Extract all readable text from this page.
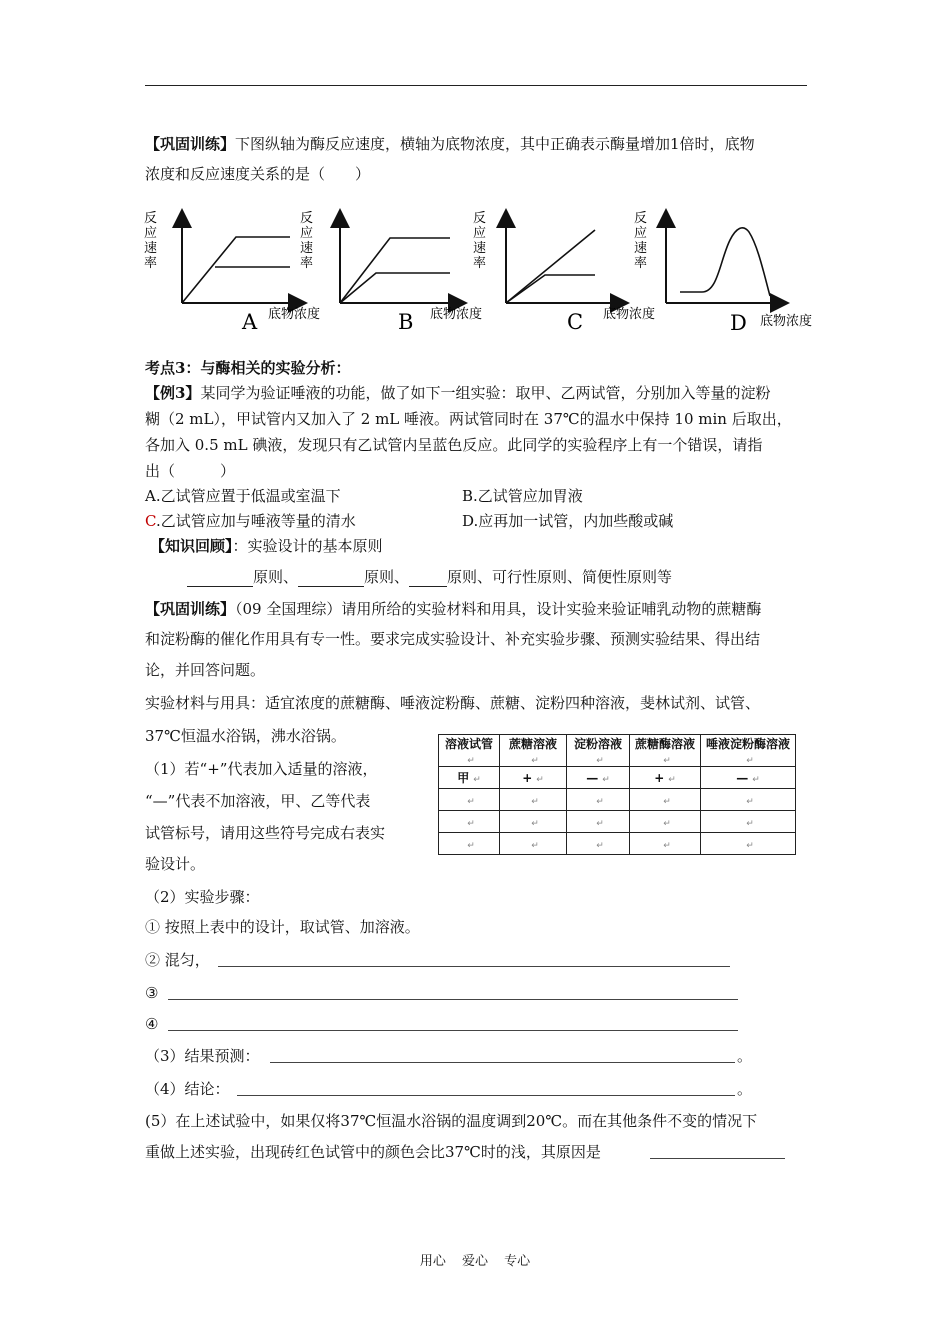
【巩固训练】下图纵轴为酶反应速度，横轴为底物浓度，其中正确表示酶量增加1倍时，底物
浓度和反应速度关系的是（　　）
反
应
速
率
A 底物浓度
反
应
速
率
B 底物浓度
反
应
速
率
C 底物浓度
反
应
速
率
D 底物浓度
考点3：与酶相关的实验分析：
【例3】某同学为验证唾液的功能，做了如下一组实验：取甲、乙两试管，分别加入等量的淀粉
糊（2 mL），甲试管内又加入了 2 mL 唾液。两试管同时在 37℃的温水中保持 10 min 后取出，
各加入 0.5 mL 碘液，发现只有乙试管内呈蓝色反应。此同学的实验程序上有一个错误，请指
出（　　　）
A.乙试管应置于低温或室温下	B.乙试管应加胃液
C.乙试管应加与唾液等量的清水	D.应再加一试管，内加些酸或碱
【知识回顾】：实验设计的基本原则
原则、	原则、	原则、可行性原则、简便性原则等
【巩固训练】（09 全国理综）请用所给的实验材料和用具，设计实验来验证哺乳动物的蔗糖酶
和淀粉酶的催化作用具有专一性。要求完成实验设计、补充实验步骤、预测实验结果、得出结
论，并回答问题。
实验材料与用具：适宜浓度的蔗糖酶、唾液淀粉酶、蔗糖、淀粉四种溶液，斐林试剂、试管、
37℃恒温水浴锅，沸水浴锅。
（1）若“+”代表加入适量的溶液，
“—”代表不加溶液，甲、乙等代表
试管标号，请用这些符号完成右表实
验设计。
溶液试管↵	蔗糖溶液↵	淀粉溶液↵	蔗糖酶溶液↵	唾液淀粉酶溶液↵
甲 ↵	+ ↵	— ↵	+ ↵	— ↵
↵	↵	↵	↵	↵
↵	↵	↵	↵	↵
↵	↵	↵	↵	↵
（2）实验步骤：
① 按照上表中的设计，取试管、加溶液。
② 混匀，
③
④
（3）结果预测：	。
（4）结论：	。
(5）在上述试验中，如果仅将37℃恒温水浴锅的温度调到20℃。而在其他条件不变的情况下
重做上述实验，出现砖红色试管中的颜色会比37℃时的浅，其原因是
用心 爱心 专心
